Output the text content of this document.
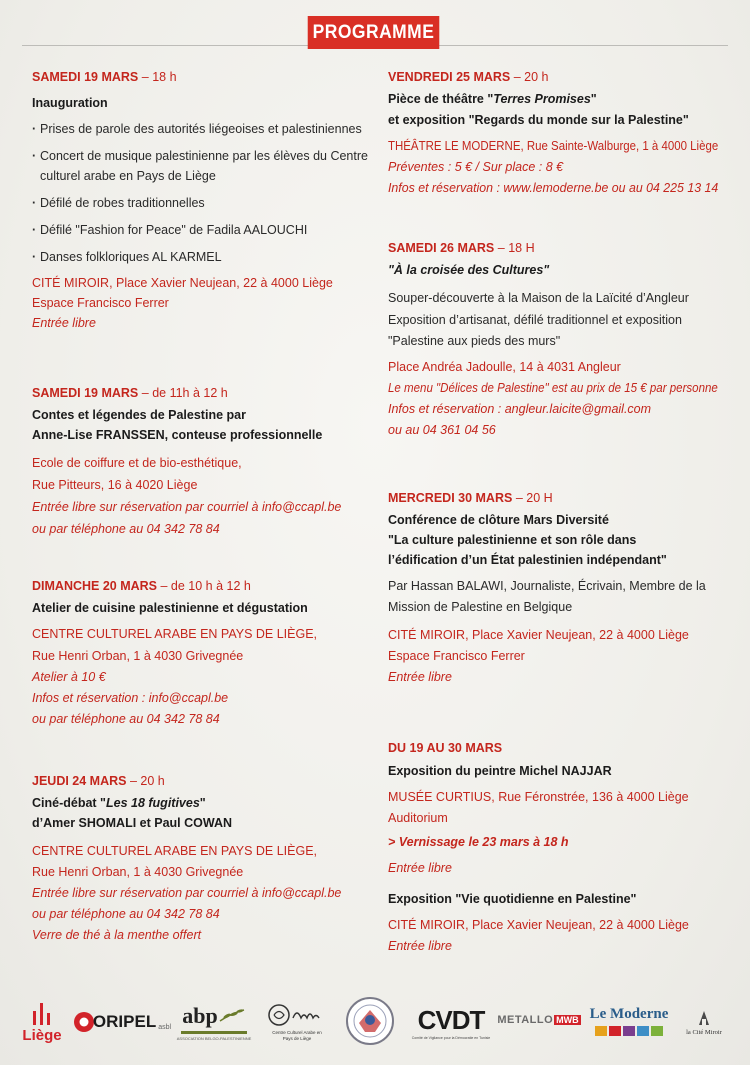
PROGRAMME
SAMEDI 19 MARS – 18 h
Inauguration
· Prises de parole des autorités liégeoises et palestiniennes
· Concert de musique palestinienne par les élèves du Centre
culturel arabe en Pays de Liège
· Défilé de robes traditionnelles
· Défilé "Fashion for Peace" de Fadila AALOUCHI
· Danses folkloriques AL KARMEL
CITÉ MIROIR, Place Xavier Neujean, 22 à 4000 Liège
Espace Francisco Ferrer
Entrée libre
SAMEDI 19 MARS – de 11h à 12 h
Contes et légendes de Palestine par
Anne-Lise FRANSSEN, conteuse professionnelle
Ecole de coiffure et de bio-esthétique,
Rue Pitteurs, 16 à 4020 Liège
Entrée libre sur réservation par courriel à info@ccapl.be
ou par téléphone au 04 342 78 84
DIMANCHE 20 MARS – de 10 h à 12 h
Atelier de cuisine palestinienne et dégustation
CENTRE CULTUREL ARABE EN PAYS DE LIÈGE,
Rue Henri Orban, 1 à 4030 Grivegnée
Atelier à 10 €
Infos et réservation : info@ccapl.be
ou par téléphone au 04 342 78 84
JEUDI 24 MARS – 20 h
Ciné-débat "Les 18 fugitives"
d’Amer SHOMALI et Paul COWAN
CENTRE CULTUREL ARABE EN PAYS DE LIÈGE,
Rue Henri Orban, 1 à 4030 Grivegnée
Entrée libre sur réservation par courriel à info@ccapl.be
ou par téléphone au 04 342 78 84
Verre de thé à la menthe offert
VENDREDI 25 MARS – 20 h
Pièce de théâtre "Terres Promises"
et exposition "Regards du monde sur la Palestine"
THÉÂTRE LE MODERNE, Rue Sainte-Walburge, 1 à 4000 Liège
Préventes : 5 € / Sur place : 8 €
Infos et réservation : www.lemoderne.be ou au 04 225 13 14
SAMEDI 26 MARS – 18 H
"À la croisée des Cultures"
Souper-découverte à la Maison de la Laïcité d’Angleur
Exposition d’artisanat, défilé traditionnel et exposition
"Palestine aux pieds des murs"
Place Andréa Jadoulle, 14 à 4031 Angleur
Le menu "Délices de Palestine" est au prix de 15 € par personne
Infos et réservation : angleur.laicite@gmail.com
ou au 04 361 04 56
MERCREDI 30 MARS – 20 H
Conférence de clôture Mars Diversité
"La culture palestinienne et son rôle dans
l’édification d’un État palestinien indépendant"
Par Hassan BALAWI, Journaliste, Écrivain, Membre de la
Mission de Palestine en Belgique
CITÉ MIROIR, Place Xavier Neujean, 22 à 4000 Liège
Espace Francisco Ferrer
Entrée libre
DU 19 AU 30 MARS
Exposition du peintre Michel NAJJAR
MUSÉE CURTIUS, Rue Féronstrée, 136 à 4000 Liège
Auditorium
> Vernissage le 23 mars à 18 h
Entrée libre
Exposition "Vie quotidienne en Palestine"
CITÉ MIROIR, Place Xavier Neujean, 22 à 4000 Liège
Entrée libre
Liège
ORIPEL asbl abp
ASSOCIATION BELGO-PALESTINIENNE
Centre Culturel Arabe en Pays de Liège
CVDT
Comité de Vigilance pour la Démocratie en Tunisie
METALLO MWB Le Moderne
la Cité Miroir
